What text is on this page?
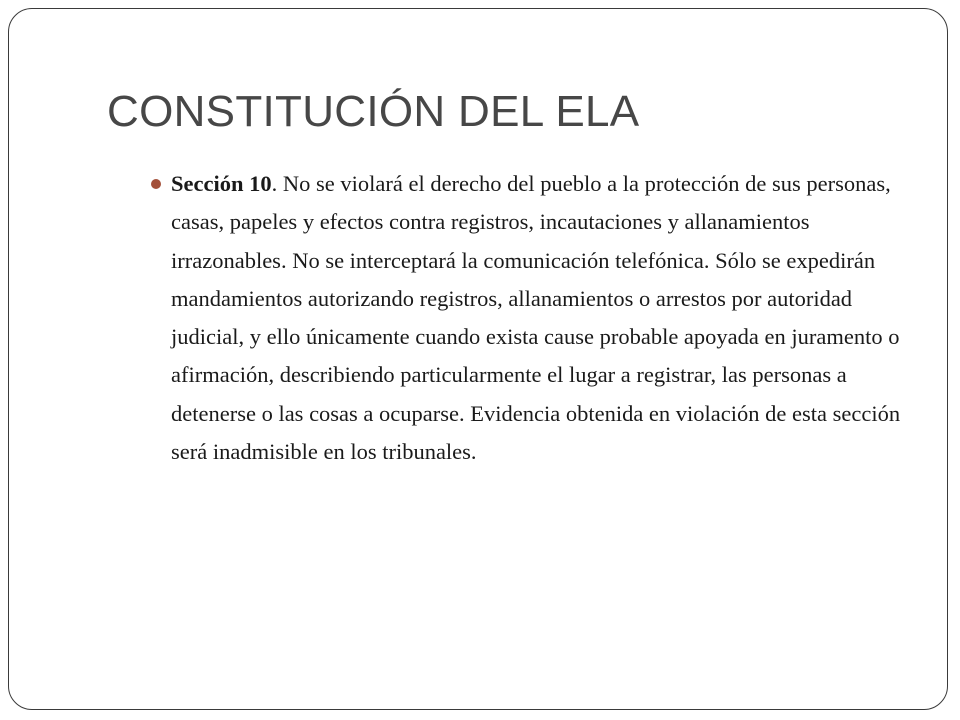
CONSTITUCIÓN DEL ELA
Sección 10. No se violará el derecho del pueblo a la protección de sus personas, casas, papeles y efectos contra registros, incautaciones y allanamientos irrazonables. No se interceptará la comunicación telefónica. Sólo se expedirán mandamientos autorizando registros, allanamientos o arrestos por autoridad judicial, y ello únicamente cuando exista cause probable apoyada en juramento o afirmación, describiendo particularmente el lugar a registrar, las personas a detenerse o las cosas a ocuparse. Evidencia obtenida en violación de esta sección será inadmisible en los tribunales.
